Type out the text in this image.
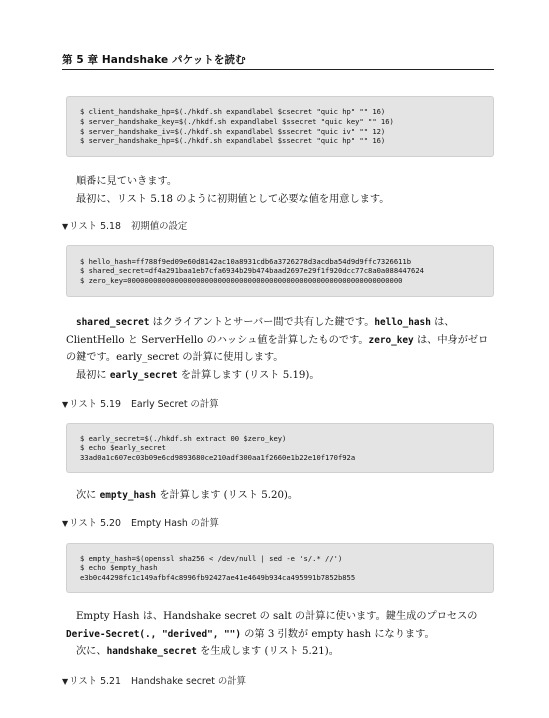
第 5 章 Handshake パケットを読む
$ client_handshake_hp=$(./hkdf.sh expandlabel $csecret "quic hp" "" 16)
$ server_handshake_key=$(./hkdf.sh expandlabel $ssecret "quic key" "" 16)
$ server_handshake_iv=$(./hkdf.sh expandlabel $ssecret "quic iv" "" 12)
$ server_handshake_hp=$(./hkdf.sh expandlabel $ssecret "quic hp" "" 16)

順番に見ていきます。

最初に、リスト 5.18 のように初期値として必要な値を用意します。

▼リスト 5.18 初期値の設定
$ hello_hash=ff788f9ed09e60d8142ac10a8931cdb6a3726278d3acdba54d9d9ffc7326611b
$ shared_secret=df4a291baa1eb7cfa6934b29b474baad2697e29f1f920dcc77c8a0a088447624
$ zero_key=0000000000000000000000000000000000000000000000000000000000000000

shared_secret はクライアントとサーバー間で共有した鍵です。hello_hash は、ClientHello と ServerHello のハッシュ値を計算したものです。zero_key は、中身がゼロの鍵です。early_secret の計算に使用します。

最初に early_secret を計算します (リスト 5.19)。

▼リスト 5.19 Early Secret の計算
$ early_secret=$(./hkdf.sh extract 00 $zero_key)
$ echo $early_secret
33ad0a1c607ec03b09e6cd9893680ce210adf300aa1f2660e1b22e10f170f92a

次に empty_hash を計算します (リスト 5.20)。

▼リスト 5.20 Empty Hash の計算
$ empty_hash=$(openssl sha256 < /dev/null | sed -e 's/.* //')
$ echo $empty_hash
e3b0c44298fc1c149afbf4c8996fb92427ae41e4649b934ca495991b7852b855

Empty Hash は、Handshake secret の salt の計算に使います。鍵生成のプロセスの Derive-Secret(., "derived", "") の第 3 引数が empty hash になります。

次に、handshake_secret を生成します (リスト 5.21)。

▼リスト 5.21 Handshake secret の計算
